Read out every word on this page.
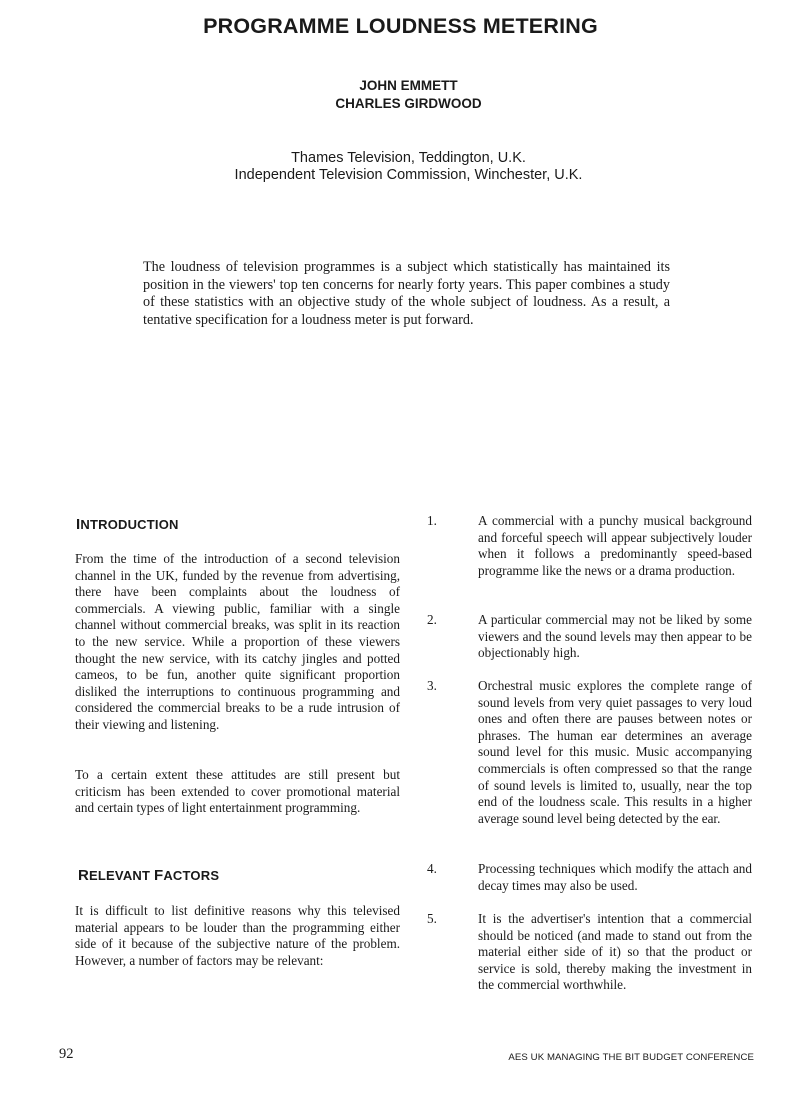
PROGRAMME LOUDNESS METERING
JOHN EMMETT
CHARLES GIRDWOOD
Thames Television, Teddington, U.K.
Independent Television Commission, Winchester, U.K.

The loudness of television programmes is a subject which statistically has maintained its position in the viewers' top ten concerns for nearly forty years. This paper combines a study of these statistics with an objective study of the whole subject of loudness. As a result, a tentative specification for a loudness meter is put forward.

INTRODUCTION

From the time of the introduction of a second television channel in the UK, funded by the revenue from advertising, there have been complaints about the loudness of commercials. A viewing public, familiar with a single channel without commercial breaks, was split in its reaction to the new service. While a proportion of these viewers thought the new service, with its catchy jingles and potted cameos, to be fun, another quite significant proportion disliked the interruptions to continuous programming and considered the commercial breaks to be a rude intrusion of their viewing and listening.

To a certain extent these attitudes are still present but criticism has been extended to cover promotional material and certain types of light entertainment programming.

RELEVANT FACTORS

It is difficult to list definitive reasons why this televised material appears to be louder than the programming either side of it because of the subjective nature of the problem. However, a number of factors may be relevant:

1.	A commercial with a punchy musical background and forceful speech will appear subjectively louder when it follows a predominantly speed-based programme like the news or a drama production.

2.	A particular commercial may not be liked by some viewers and the sound levels may then appear to be objectionably high.

3.	Orchestral music explores the complete range of sound levels from very quiet passages to very loud ones and often there are pauses between notes or phrases. The human ear determines an average sound level for this music. Music accompanying commercials is often compressed so that the range of sound levels is limited to, usually, near the top end of the loudness scale. This results in a higher average sound level being detected by the ear.

4.	Processing techniques which modify the attach and decay times may also be used.

5.	It is the advertiser's intention that a commercial should be noticed (and made to stand out from the material either side of it) so that the product or service is sold, thereby making the investment in the commercial worthwhile.

92	AES UK MANAGING THE BIT BUDGET CONFERENCE
